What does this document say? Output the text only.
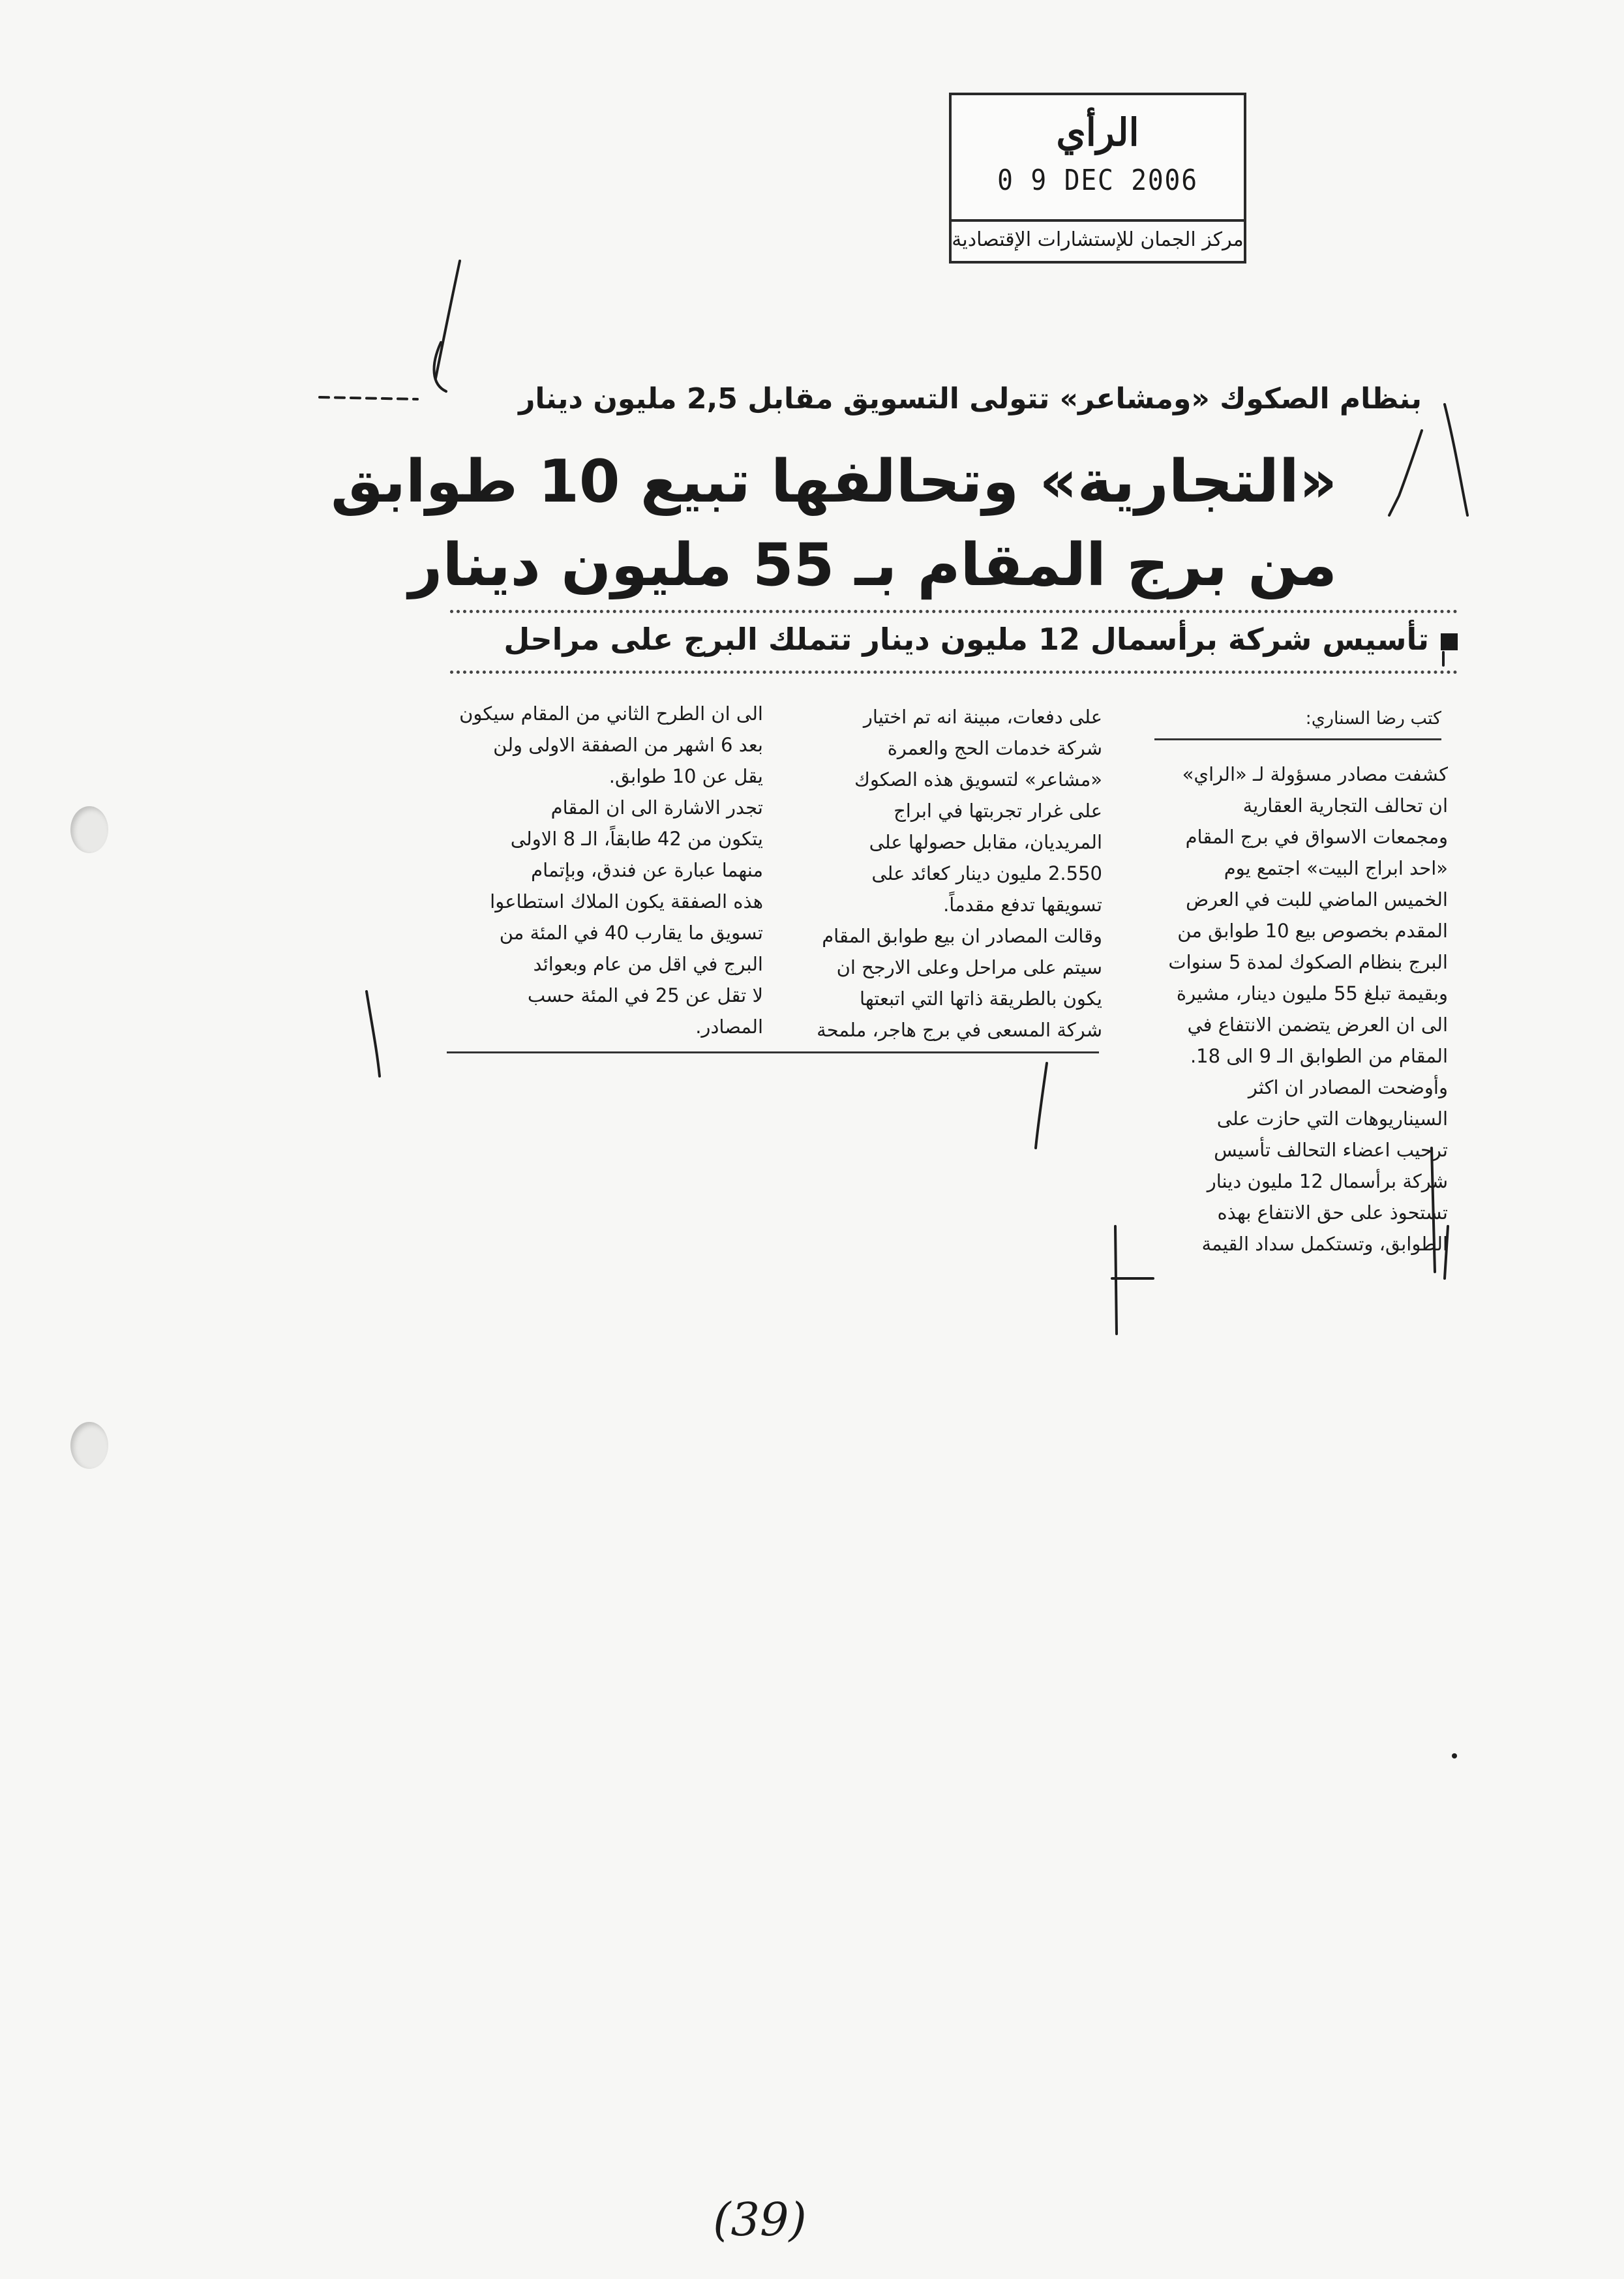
الرأي
0 9 DEC 2006
مركز الجمان للإستشارات الإقتصادية
بنظام الصكوك «ومشاعر» تتولى التسويق مقابل 2,5 مليون دينار
«التجارية» وتحالفها تبيع 10 طوابق
من برج المقام بـ 55 مليون دينار
تأسيس شركة برأسمال 12 مليون دينار تتملك البرج على مراحل
كتب رضا السناري:
كشفت مصادر مسؤولة لـ «الراي»
ان تحالف التجارية العقارية
ومجمعات الاسواق في برج المقام
«احد ابراج البيت» اجتمع يوم
الخميس الماضي للبت في العرض
المقدم بخصوص بيع 10 طوابق من
البرج بنظام الصكوك لمدة 5 سنوات
وبقيمة تبلغ 55 مليون دينار، مشيرة
الى ان العرض يتضمن الانتفاع في
المقام من الطوابق الـ 9 الى 18.
وأوضحت المصادر ان اكثر
السيناريوهات التي حازت على
ترحيب اعضاء التحالف تأسيس
شركة برأسمال 12 مليون دينار
تستحوذ على حق الانتفاع بهذه
الطوابق، وتستكمل سداد القيمة
على دفعات، مبينة انه تم اختيار
شركة خدمات الحج والعمرة
«مشاعر» لتسويق هذه الصكوك
على غرار تجربتها في ابراج
المريديان، مقابل حصولها على
2.550 مليون دينار كعائد على
تسويقها تدفع مقدماً.
وقالت المصادر ان بيع طوابق المقام
سيتم على مراحل وعلى الارجح ان
يكون بالطريقة ذاتها التي اتبعتها
شركة المسعى في برج هاجر، ملمحة
الى ان الطرح الثاني من المقام سيكون
بعد 6 اشهر من الصفقة الاولى ولن
يقل عن 10 طوابق.
تجدر الاشارة الى ان المقام
يتكون من 42 طابقاً، الـ 8 الاولى
منهما عبارة عن فندق، وبإتمام
هذه الصفقة يكون الملاك استطاعوا
تسويق ما يقارب 40 في المئة من
البرج في اقل من عام وبعوائد
لا تقل عن 25 في المئة حسب
المصادر.
(39)
